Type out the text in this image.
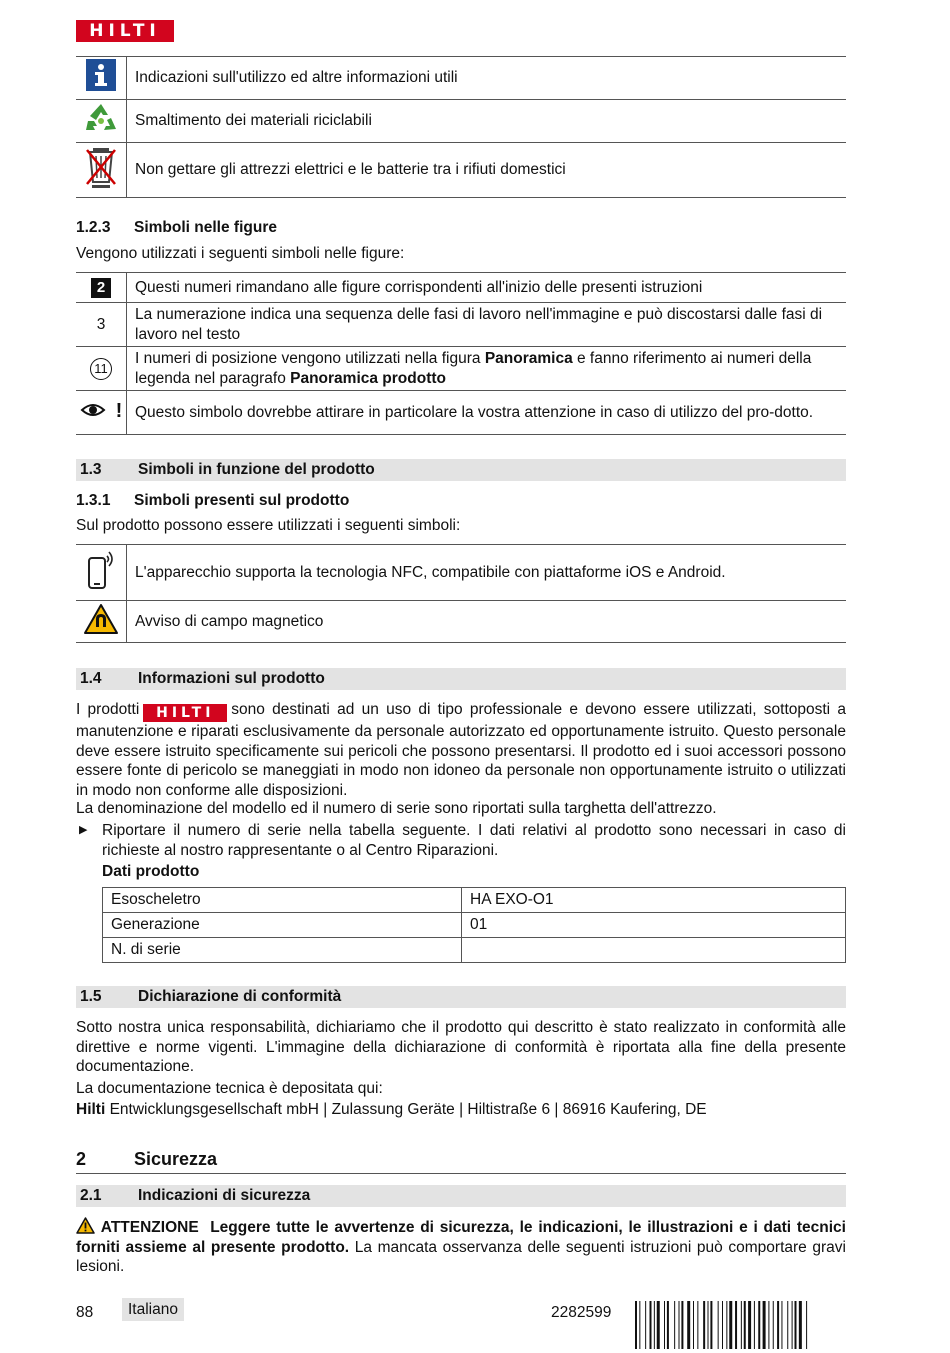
HILTI
	Indicazioni sull'utilizzo ed altre informazioni utili
	Smaltimento dei materiali riciclabili
	Non gettare gli attrezzi elettrici e le batterie tra i rifiuti domestici
1.2.3 Simboli nelle figure
Vengono utilizzati i seguenti simboli nelle figure:
2	Questi numeri rimandano alle figure corrispondenti all'inizio delle presenti istruzioni
3	La numerazione indica una sequenza delle fasi di lavoro nell'immagine e può discostarsi dalle fasi di lavoro nel testo
11	I numeri di posizione vengono utilizzati nella figura Panoramica e fanno riferimento ai numeri della legenda nel paragrafo Panoramica prodotto
!	Questo simbolo dovrebbe attirare in particolare la vostra attenzione in caso di utilizzo del pro-dotto.
1.3 Simboli in funzione del prodotto
1.3.1 Simboli presenti sul prodotto
Sul prodotto possono essere utilizzati i seguenti simboli:
	L'apparecchio supporta la tecnologia NFC, compatibile con piattaforme iOS e Android.
	Avviso di campo magnetico
1.4 Informazioni sul prodotto
I prodotti HILTI sono destinati ad un uso di tipo professionale e devono essere utilizzati, sottoposti a manutenzione e riparati esclusivamente da personale autorizzato ed opportunamente istruito. Questo personale deve essere istruito specificamente sui pericoli che possono presentarsi. Il prodotto ed i suoi accessori possono essere fonte di pericolo se maneggiati in modo non idoneo da personale non opportunamente istruito o utilizzati in modo non conforme alle disposizioni.
La denominazione del modello ed il numero di serie sono riportati sulla targhetta dell'attrezzo.
▶ Riportare il numero di serie nella tabella seguente. I dati relativi al prodotto sono necessari in caso di richieste al nostro rappresentante o al Centro Riparazioni.
Dati prodotto
Esoscheletro	HA EXO-O1
Generazione	01
N. di serie	
1.5 Dichiarazione di conformità
Sotto nostra unica responsabilità, dichiariamo che il prodotto qui descritto è stato realizzato in conformità alle direttive e norme vigenti. L'immagine della dichiarazione di conformità è riportata alla fine della presente documentazione.
La documentazione tecnica è depositata qui:
Hilti Entwicklungsgesellschaft mbH | Zulassung Geräte | Hiltistraße 6 | 86916 Kaufering, DE
2	Sicurezza
2.1 Indicazioni di sicurezza
ATTENZIONE Leggere tutte le avvertenze di sicurezza, le indicazioni, le illustrazioni e i dati tecnici forniti assieme al presente prodotto. La mancata osservanza delle seguenti istruzioni può comportare gravi lesioni.
88	Italiano	2282599
